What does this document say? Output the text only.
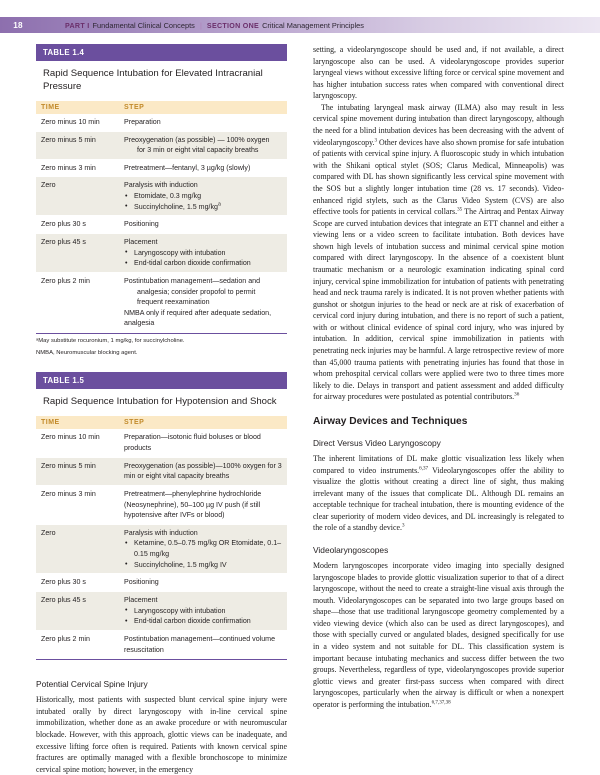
18	PART I Fundamental Clinical Concepts | SECTION ONE Critical Management Principles
TABLE 1.4
Rapid Sequence Intubation for Elevated Intracranial Pressure
TIME	STEP
Zero minus 10 min	Preparation
Zero minus 5 min	Preoxygenation (as possible) — 100% oxygen
for 3 min or eight vital capacity breaths
Zero minus 3 min	Pretreatment—fentanyl, 3 µg/kg (slowly)
Zero	Paralysis with induction
• Etomidate, 0.3 mg/kg
• Succinylcholine, 1.5 $mg/kg^a$
Zero plus 30 s	Positioning
Zero plus 45 s	Placement
• Laryngoscopy with intubation
• End-tidal carbon dioxide confirmation
Zero plus 2 min	Postintubation management—sedation and
analgesia; consider propofol to permit frequent reexamination
NMBA only if required after adequate sedation, analgesia
ᵃMay substitute rocuronium, 1 mg/kg, for succinylcholine.
NMBA, Neuromuscular blocking agent.
TABLE 1.5
Rapid Sequence Intubation for Hypotension and Shock
TIME	STEP
Zero minus 10 min	Preparation—isotonic fluid boluses or blood products
Zero minus 5 min	Preoxygenation (as possible)—100% oxygen for 3 min or eight vital capacity breaths
Zero minus 3 min	Pretreatment—phenylephrine hydrochloride (Neosynephrine), 50–100 µg IV push (if still hypotensive after IVFs or blood)
Zero	Paralysis with induction
• Ketamine, 0.5–0.75 mg/kg OR Etomidate, 0.1–0.15 mg/kg
• Succinylcholine, 1.5 mg/kg IV
Zero plus 30 s	Positioning
Zero plus 45 s	Placement
• Laryngoscopy with intubation
• End-tidal carbon dioxide confirmation
Zero plus 2 min	Postintubation management—continued volume resuscitation
Potential Cervical Spine Injury

Historically, most patients with suspected blunt cervical spine injury were intubated orally by direct laryngoscopy with in-line cervical spine immobilization, whether done as an awake procedure or with neuromuscular blockade. However, with this approach, glottic views can be inadequate, and excessive lifting force often is required. Patients with known cervical spine fractures are optimally managed with a flexible bronchoscope to minimize cervical spine motion; however, in the emergency

setting, a videolaryngoscope should be used and, if not available, a direct laryngoscope also can be used. A videolaryngoscope provides superior laryngeal views without excessive lifting force or cervical spine movement and has higher intubation success rates when compared with conventional direct laryngoscopy.

The intubating laryngeal mask airway (ILMA) also may result in less cervical spine movement during intubation than direct laryngoscopy, although the need for a blind intubation devices has been decreasing with the advent of videolaryngoscopy.$^3$ Other devices have also shown promise for safe intubation of patients with cervical spine injury. A fluoroscopic study in which intubation with the Shikani optical stylet (SOS; Clarus Medical, Minneapolis) was compared with DL has shown significantly less cervical spine movement with the SOS but a slightly longer intubation time (28 vs. 17 seconds). Video-enhanced rigid stylets, such as the Clarus Video System (CVS) are also effective tools for patients in cervical collars.$^{35}$ The Airtraq and Pentax Airway Scope are curved intubation devices that integrate an ETT channel and either a viewing lens or a video screen to facilitate intubation. Both devices have shown high levels of intubation success and minimal cervical spine motion compared with direct laryngoscopy. In the absence of a coexistent blunt traumatic mechanism or a neurologic examination indicating spinal cord injury, cervical spine immobilization for intubation of patients with penetrating head and neck trauma rarely is indicated. It is not proven whether patients with gunshot or shotgun injuries to the head or neck are at risk of exacerbation of cervical cord injury during intubation, and there is no report of such a patient, with or without clinical evidence of spinal cord injury, who was injured by intubation. In addition, cervical spine immobilization in patients with penetrating neck injuries may be harmful. A large retrospective review of more than 45,000 trauma patients with penetrating injuries has found that those in whom prehospital cervical collars were applied were two to three times more likely to die. Delays in transport and patient assessment and added difficulty for airway procedures were postulated as potential contributors.$^{36}$

Airway Devices and Techniques
Direct Versus Video Laryngoscopy

The inherent limitations of DL make glottic visualization less likely when compared to video instruments.$^{6,37}$ Videolaryngoscopes offer the ability to visualize the glottis without creating a direct line of sight, thus making irrelevant many of the issues that complicate DL. Although DL remains an acceptable technique for tracheal intubation, there is mounting evidence of the clear superiority of modern video devices, and DL increasingly is relegated to the role of a standby device.$^3$

Videolaryngoscopes

Modern laryngoscopes incorporate video imaging into specially designed laryngoscope blades to provide glottic visualization superior to that of a direct laryngoscope, without the need to create a straight-line visual axis through the mouth. Videolaryngoscopes can be separated into two large groups based on shape—those that use traditional laryngoscope geometry complemented by a video viewing device (which also can be used as direct laryngoscopes), and those with specially curved or angulated blades, designed specifically for use in a video system and not suitable for DL. This classification system is important because intubating mechanics and success differ between the two groups. Nevertheless, regardless of type, videolaryngoscopes provide superior glottic views and greater first-pass success when compared with direct laryngoscopes, particularly when the airway is difficult or when a nonexpert operator is performing the intubation.$^{6,7,37,38}$
